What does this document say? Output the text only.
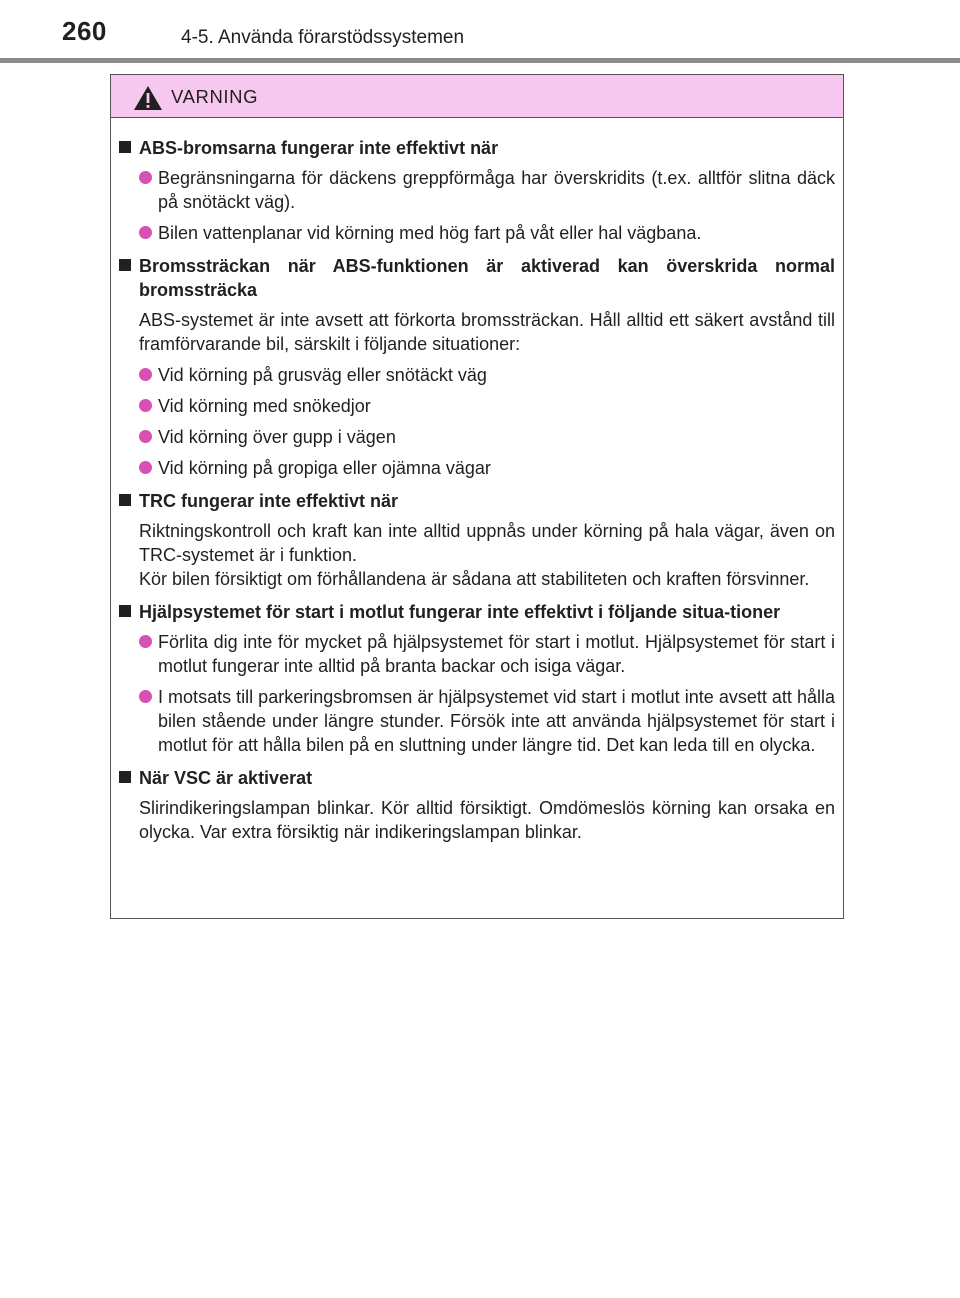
260	4-5. Använda förarstödssystemen
VARNING
ABS-bromsarna fungerar inte effektivt när
Begränsningarna för däckens greppförmåga har överskridits (t.ex. alltför slitna däck på snötäckt väg).
Bilen vattenplanar vid körning med hög fart på våt eller hal vägbana.
Bromssträckan när ABS-funktionen är aktiverad kan överskrida normal bromssträcka
ABS-systemet är inte avsett att förkorta bromssträckan. Håll alltid ett säkert avstånd till framförvarande bil, särskilt i följande situationer:
Vid körning på grusväg eller snötäckt väg
Vid körning med snökedjor
Vid körning över gupp i vägen
Vid körning på gropiga eller ojämna vägar
TRC fungerar inte effektivt när
Riktningskontroll och kraft kan inte alltid uppnås under körning på hala vägar, även on TRC-systemet är i funktion.
Kör bilen försiktigt om förhållandena är sådana att stabiliteten och kraften försvinner.
Hjälpsystemet för start i motlut fungerar inte effektivt i följande situa-tioner
Förlita dig inte för mycket på hjälpsystemet för start i motlut. Hjälpsystemet för start i motlut fungerar inte alltid på branta backar och isiga vägar.
I motsats till parkeringsbromsen är hjälpsystemet vid start i motlut inte avsett att hålla bilen stående under längre stunder. Försök inte att använda hjälpsystemet för start i motlut för att hålla bilen på en sluttning under längre tid. Det kan leda till en olycka.
När VSC är aktiverat
Slirindikeringslampan blinkar. Kör alltid försiktigt. Omdömeslös körning kan orsaka en olycka. Var extra försiktig när indikeringslampan blinkar.
